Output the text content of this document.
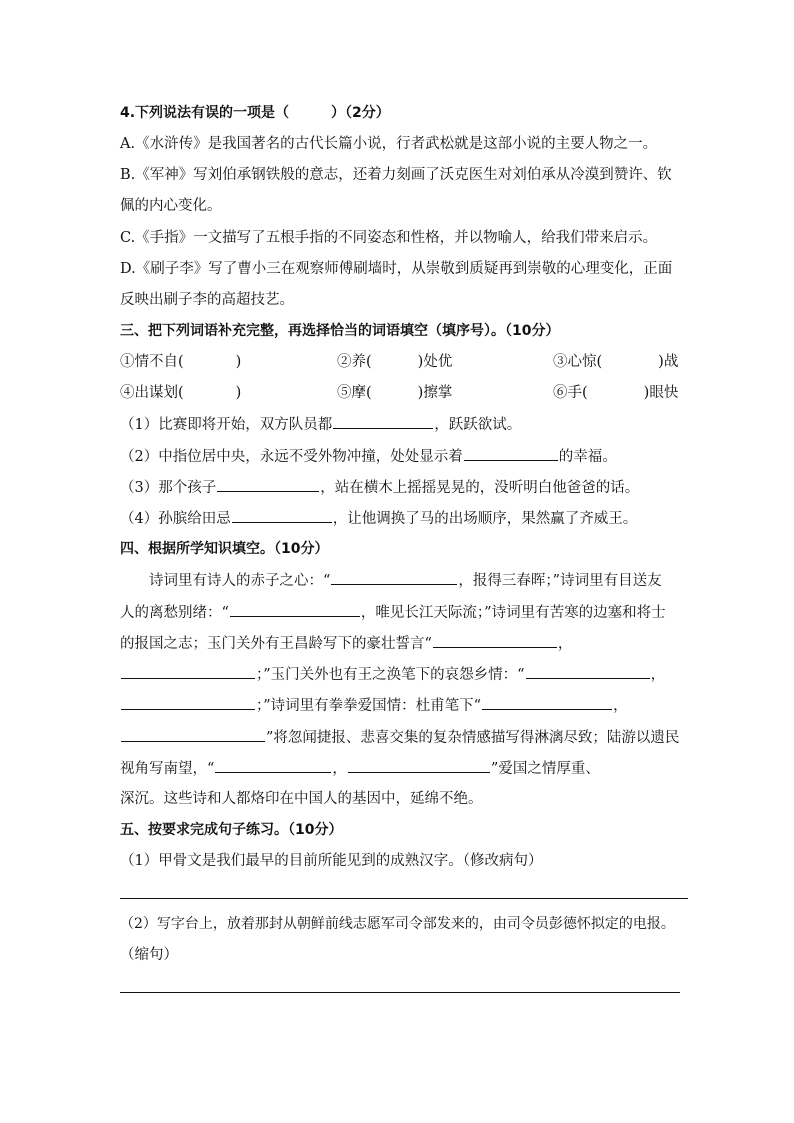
4.下列说法有误的一项是（　　　）（2分）
A.《水浒传》是我国著名的古代长篇小说，行者武松就是这部小说的主要人物之一。
B.《军神》写刘伯承钢铁般的意志，还着力刻画了沃克医生对刘伯承从冷漠到赞许、钦
佩的内心变化。
C.《手指》一文描写了五根手指的不同姿态和性格，并以物喻人，给我们带来启示。
D.《刷子李》写了曹小三在观察师傅刷墙时，从崇敬到质疑再到崇敬的心理变化，正面
反映出刷子李的高超技艺。
三、把下列词语补充完整，再选择恰当的词语填空（填序号）。（10分）
①情不自(	)	②养(	)处优	③心惊(	)战
④出谋划(	)	⑤摩(	)擦掌	⑥手(	)眼快
（1）比赛即将开始，双方队员都	，跃跃欲试。
（2）中指位居中央，永远不受外物冲撞，处处显示着	的幸福。
（3）那个孩子	，站在横木上摇摇晃晃的，没听明白他爸爸的话。
（4）孙膑给田忌	，让他调换了马的出场顺序，果然赢了齐威王。
四、根据所学知识填空。（10分）
诗词里有诗人的赤子之心：“	，报得三春晖；”诗词里有目送友
人的离愁别绪：“	，唯见长江天际流；”诗词里有苦寒的边塞和将士
的报国之志；玉门关外有王昌龄写下的豪壮誓言“	，
；”玉门关外也有王之涣笔下的哀怨乡情：“	，
；”诗词里有拳拳爱国情：杜甫笔下“	，
”将忽闻捷报、悲喜交集的复杂情感描写得淋漓尽致；陆游以遗民
视角写南望，“	，	”爱国之情厚重、
深沉。这些诗和人都烙印在中国人的基因中，延绵不绝。
五、按要求完成句子练习。（10分）
（1）甲骨文是我们最早的目前所能见到的成熟汉字。（修改病句）
（2）写字台上，放着那封从朝鲜前线志愿军司令部发来的，由司令员彭德怀拟定的电报。
（缩句）
